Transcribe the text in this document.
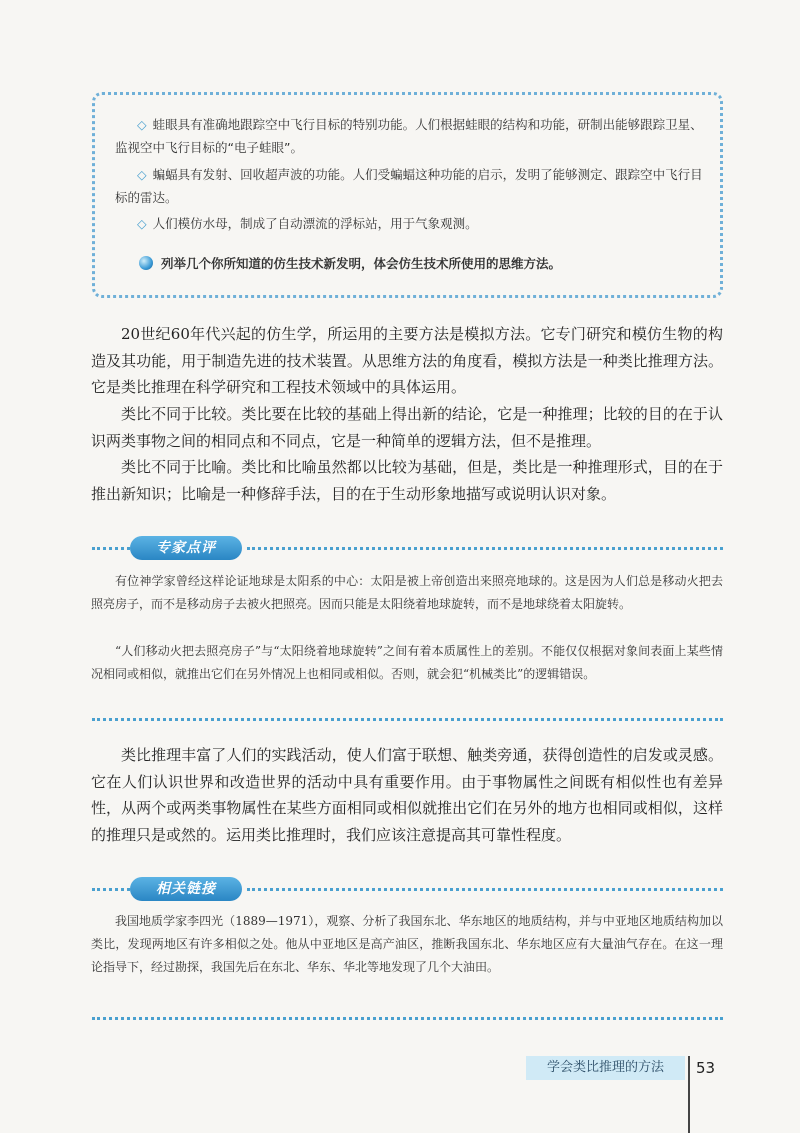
◇ 蛙眼具有准确地跟踪空中飞行目标的特别功能。人们根据蛙眼的结构和功能，研制出能够跟踪卫星、监视空中飞行目标的“电子蛙眼”。

◇ 蝙蝠具有发射、回收超声波的功能。人们受蝙蝠这种功能的启示，发明了能够测定、跟踪空中飞行目标的雷达。

◇ 人们模仿水母，制成了自动漂流的浮标站，用于气象观测。

列举几个你所知道的仿生技术新发明，体会仿生技术所使用的思维方法。

20世纪60年代兴起的仿生学，所运用的主要方法是模拟方法。它专门研究和模仿生物的构造及其功能，用于制造先进的技术装置。从思维方法的角度看，模拟方法是一种类比推理方法。它是类比推理在科学研究和工程技术领域中的具体运用。

类比不同于比较。类比要在比较的基础上得出新的结论，它是一种推理；比较的目的在于认识两类事物之间的相同点和不同点，它是一种简单的逻辑方法，但不是推理。

类比不同于比喻。类比和比喻虽然都以比较为基础，但是，类比是一种推理形式，目的在于推出新知识；比喻是一种修辞手法，目的在于生动形象地描写或说明认识对象。

专家点评

有位神学家曾经这样论证地球是太阳系的中心：太阳是被上帝创造出来照亮地球的。这是因为人们总是移动火把去照亮房子，而不是移动房子去被火把照亮。因而只能是太阳绕着地球旋转，而不是地球绕着太阳旋转。

“人们移动火把去照亮房子”与“太阳绕着地球旋转”之间有着本质属性上的差别。不能仅仅根据对象间表面上某些情况相同或相似，就推出它们在另外情况上也相同或相似。否则，就会犯“机械类比”的逻辑错误。

类比推理丰富了人们的实践活动，使人们富于联想、触类旁通，获得创造性的启发或灵感。它在人们认识世界和改造世界的活动中具有重要作用。由于事物属性之间既有相似性也有差异性，从两个或两类事物属性在某些方面相同或相似就推出它们在另外的地方也相同或相似，这样的推理只是或然的。运用类比推理时，我们应该注意提高其可靠性程度。

相关链接

我国地质学家李四光（1889—1971），观察、分析了我国东北、华东地区的地质结构，并与中亚地区地质结构加以类比，发现两地区有许多相似之处。他从中亚地区是高产油区，推断我国东北、华东地区应有大量油气存在。在这一理论指导下，经过勘探，我国先后在东北、华东、华北等地发现了几个大油田。

学会类比推理的方法	53
